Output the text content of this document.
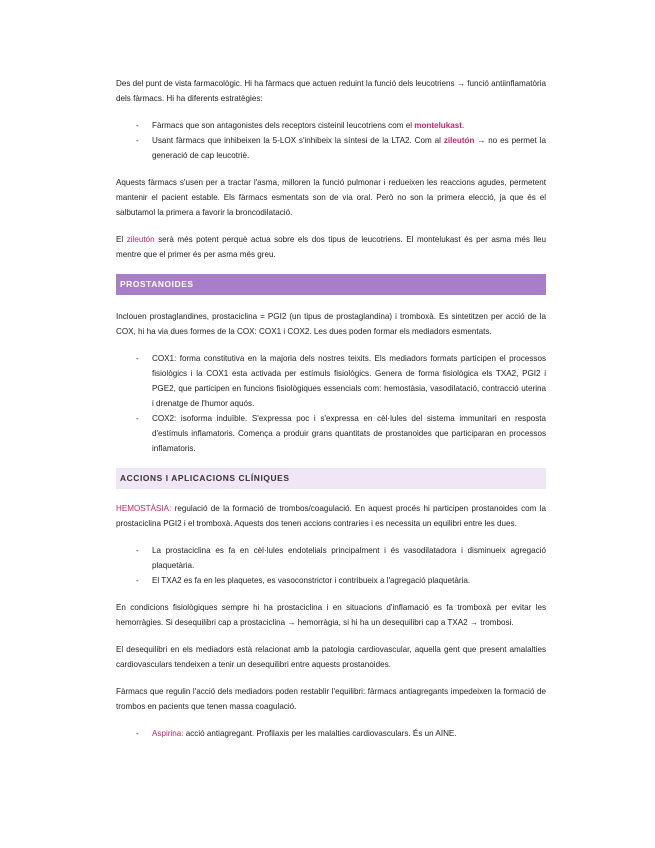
Des del punt de vista farmacològic. Hi ha fàrmacs que actuen reduint la funció dels leucotriens → funció antiinflamatòria dels fàrmacs. Hi ha diferents estratègies:

- Fàrmacs que son antagonistes dels receptors cisteinil leucotriens com el montelukast.
- Usant fàrmacs que inhibeixen la 5-LOX s'inhibeix la síntesi de la LTA2. Com al zileutón → no es permet la generació de cap leucotriè.

Aquests fàrmacs s'usen per a tractar l'asma, milloren la funció pulmonar i redueixen les reaccions agudes, permetent mantenir el pacient estable. Els fàrmacs esmentats son de via oral. Però no son la primera elecció, ja que és el salbutamol la primera a favorir la broncodilatació.

El zileutón serà més potent perquè actua sobre els dos tipus de leucotriens. El montelukast és per asma més lleu mentre que el primer és per asma més greu.

PROSTANOIDES

Inclouen prostaglandines, prostaciclina = PGI2 (un tipus de prostaglandina) i tromboxà. Es sintetitzen per acció de la COX, hi ha via dues formes de la COX: COX1 i COX2. Les dues poden formar els mediadors esmentats.

- COX1: forma constitutiva en la majoria dels nostres teixits. Els mediadors formats participen el processos fisiològics i la COX1 esta activada per estímuls fisiològics. Genera de forma fisiològica els TXA2, PGI2 i PGE2, que participen en funcions fisiològiques essencials com: hemostàsia, vasodilatació, contracció uterina i drenatge de l'humor aquós.
- COX2: isoforma induïble. S'expressa poc i s'expressa en cèl·lules del sistema immunitari en resposta d'estímuls inflamatoris. Comença a produir grans quantitats de prostanoides que participaran en processos inflamatoris.
ACCIONS I APLICACIONS CLÍNIQUES

HEMOSTÀSIA: regulació de la formació de trombos/coagulació. En aquest procés hi participen prostanoides com la prostaciclina PGI2 i el tromboxà. Aquests dos tenen accions contraries i es necessita un equilibri entre les dues.

- La prostaciclina es fa en cèl·lules endotelials principalment i és vasodilatadora i disminueix agregació plaquetària.
- El TXA2 es fa en les plaquetes, es vasoconstrictor i contribueix a l'agregació plaquetària.

En condicions fisiològiques sempre hi ha prostaciclina i en situacions d'inflamació es fa tromboxà per evitar les hemorràgies. Si desequilibri cap a prostaciclina → hemorràgia, si hi ha un desequilibri cap a TXA2 → trombosi.

El desequilibri en els mediadors està relacionat amb la patologia cardiovascular, aquella gent que present amalalties cardiovasculars tendeixen a tenir un desequilibri entre aquests prostanoides.

Fàrmacs que regulin l'acció dels mediadors poden restablir l'equilibri: fàrmacs antiagregants impedeixen la formació de trombos en pacients que tenen massa coagulació.

- Aspirina: acció antiagregant. Profilaxis per les malalties cardiovasculars. És un AINE.
